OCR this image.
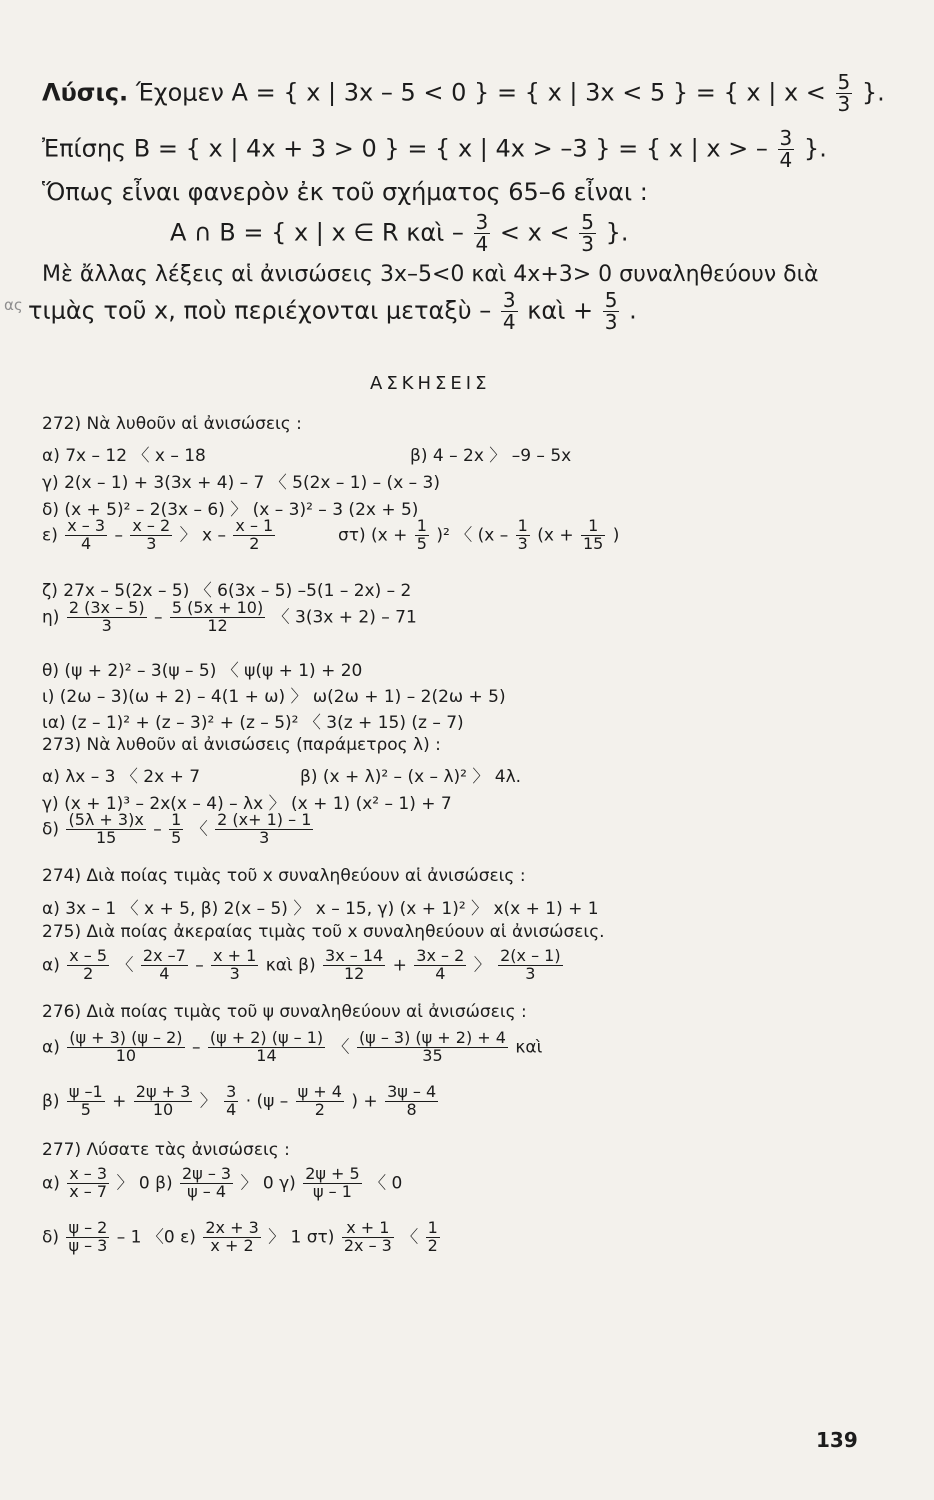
Λύσις. Έχομεν A = { x | 3x – 5 < 0 } = { x | 3x < 5 } = { x | $x < \frac{5}{3}$ }.
Ἐπίσης B = { x | 4x + 3 > 0 } = { x | 4x > –3 } = { x | x > – $\frac{3}{4}$ }.
Ὅπως εἶναι φανερὸν ἐκ τοῦ σχήματος 65–6 εἶναι :
A ∩ B = { x | x ∈ R καὶ – $\frac{3}{4} < x < \frac{5}{3}$ }.
Μὲ ἄλλας λέξεις αἱ ἀνισώσεις 3x–5<0 καὶ 4x+3> 0 συναληθεύουν διὰ
ας τιμὰς τοῦ x, ποὺ περιέχονται μεταξὺ – $\frac{3}{4}$ καὶ + $\frac{5}{3}$ .
ΑΣΚΗΣΕΙΣ
272) Νὰ λυθοῦν αἱ ἀνισώσεις :
α) 7x – 12 〈 x – 18	β) 4 – 2x 〉 –9 – 5x
γ) 2(x – 1) + 3(3x + 4) – 7 〈 5(2x – 1) – (x – 3)
δ) (x + 5)² – 2(3x – 6) 〉 (x – 3)² – 3 (2x + 5)
$\varepsilon) \frac{x - 3}{4} - \frac{x - 2}{3}$ 〉 x – $\frac{x - 1}{2}$	στ) $(x + \frac{1}{5} )^2$ 〈 ($x - \frac{1}{3} (x + \frac{1}{15}$ )
ζ) 27x – 5(2x – 5) 〈 6(3x – 5) –5(1 – 2x) – 2
$\eta) \frac{2 (3x - 5)}{3} - \frac{5 (5x + 10)}{12}$ 〈 3(3x + 2) – 71
θ) (ψ + 2)² – 3(ψ – 5) 〈 ψ(ψ + 1) + 20
ι) (2ω – 3)(ω + 2) – 4(1 + ω) 〉 ω(2ω + 1) – 2(2ω + 5)
ια) (z – 1)² + (z – 3)² + (z – 5)² 〈 3(z + 15) (z – 7)
273) Νὰ λυθοῦν αἱ ἀνισώσεις (παράμετρος λ) :
α) λx – 3 〈 2x + 7	β) (x + λ)² – (x – λ)² 〉 4λ.
γ) (x + 1)³ – 2x(x – 4) – λx 〉 (x + 1) (x² – 1) + 7
$\delta) \frac{(5\lambda + 3)x}{15} - \frac{1}{5}$ 〈 $\frac{2 (x+ 1) - 1}{3}$
274) Διὰ ποίας τιμὰς τοῦ x συναληθεύουν αἱ ἀνισώσεις :
α) 3x – 1 〈 x + 5, β) 2(x – 5) 〉 x – 15, γ) (x + 1)² 〉 x(x + 1) + 1
275) Διὰ ποίας ἀκεραίας τιμὰς τοῦ x συναληθεύουν αἱ ἀνισώσεις.
$\alpha) \frac{x - 5}{2}$ 〈 $\frac{2x -7}{4} - \frac{x + 1}{3}$ καὶ $\beta) \frac{3x - 14}{12} + \frac{3x - 2}{4}$ 〉 $\frac{2(x - 1)}{3}$
276) Διὰ ποίας τιμὰς τοῦ ψ συναληθεύουν αἱ ἀνισώσεις :
$\alpha) \frac{(\psi + 3) (\psi - 2)}{10} - \frac{(\psi + 2) (\psi - 1)}{14}$ 〈 $\frac{(\psi - 3) (\psi + 2) + 4}{35}$ καὶ
$\beta) \frac{\psi -1}{5} + \frac{2\psi + 3}{10}$ 〉 $\frac{3}{4} \cdot (\psi - \frac{\psi + 4}{2}$ ) + $\frac{3\psi - 4}{8}$
277) Λύσατε τὰς ἀνισώσεις :
$\alpha) \frac{x - 3}{x - 7}$ 〉 0 $\beta) \frac{2\psi - 3}{\psi - 4}$ 〉 0 $\gamma) \frac{2\psi + 5}{\psi - 1}$ 〈 0
$\delta) \frac{\psi - 2}{\psi - 3} - 1$ 〈0 $\varepsilon) \frac{2x + 3}{x + 2}$ 〉 1 $\sigma\tau) \frac{x + 1}{2x - 3}$ 〈 $\frac{1}{2}$
139
